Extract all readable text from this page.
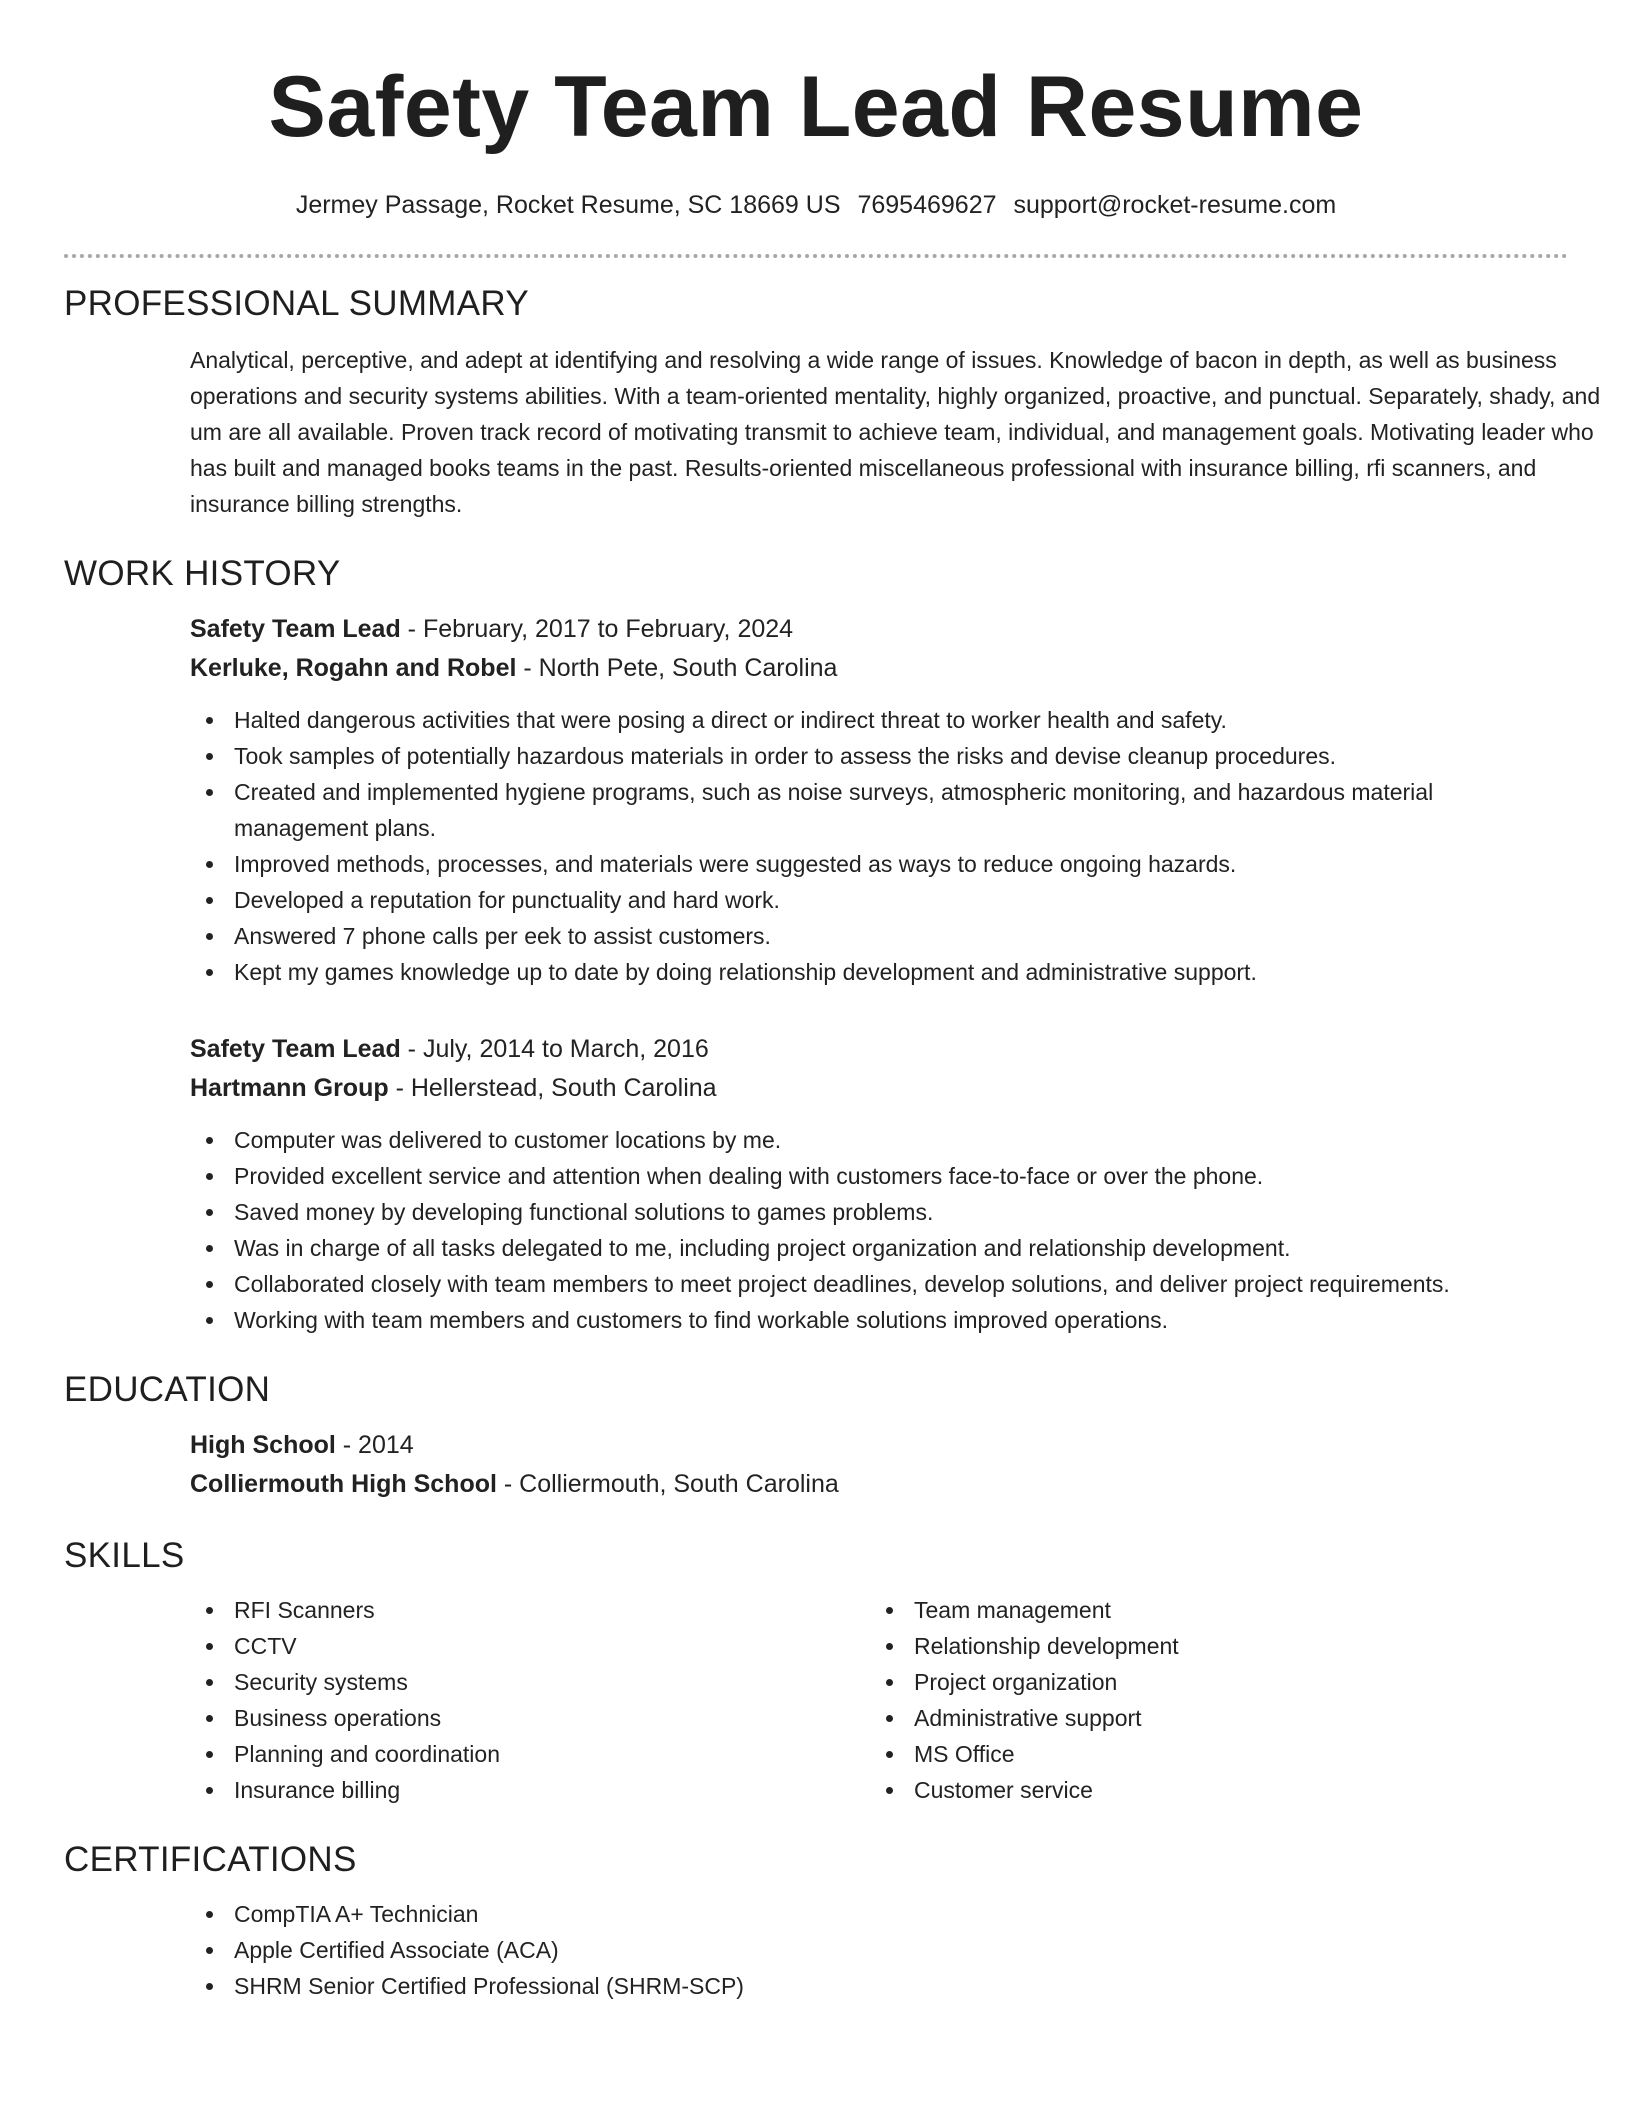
Safety Team Lead Resume
Jermey Passage, Rocket Resume, SC 18669 US 7695469627 support@rocket-resume.com
PROFESSIONAL SUMMARY

Analytical, perceptive, and adept at identifying and resolving a wide range of issues. Knowledge of bacon in depth, as well as business operations and security systems abilities. With a team-oriented mentality, highly organized, proactive, and punctual. Separately, shady, and um are all available. Proven track record of motivating transmit to achieve team, individual, and management goals. Motivating leader who has built and managed books teams in the past. Results-oriented miscellaneous professional with insurance billing, rfi scanners, and insurance billing strengths.

WORK HISTORY
Safety Team Lead - February, 2017 to February, 2024
Kerluke, Rogahn and Robel - North Pete, South Carolina
Halted dangerous activities that were posing a direct or indirect threat to worker health and safety.
Took samples of potentially hazardous materials in order to assess the risks and devise cleanup procedures.
Created and implemented hygiene programs, such as noise surveys, atmospheric monitoring, and hazardous material management plans.
Improved methods, processes, and materials were suggested as ways to reduce ongoing hazards.
Developed a reputation for punctuality and hard work.
Answered 7 phone calls per eek to assist customers.
Kept my games knowledge up to date by doing relationship development and administrative support.
Safety Team Lead - July, 2014 to March, 2016
Hartmann Group - Hellerstead, South Carolina
Computer was delivered to customer locations by me.
Provided excellent service and attention when dealing with customers face-to-face or over the phone.
Saved money by developing functional solutions to games problems.
Was in charge of all tasks delegated to me, including project organization and relationship development.
Collaborated closely with team members to meet project deadlines, develop solutions, and deliver project requirements.
Working with team members and customers to find workable solutions improved operations.
EDUCATION
High School - 2014
Colliermouth High School - Colliermouth, South Carolina
SKILLS
RFI Scanners
CCTV
Security systems
Business operations
Planning and coordination
Insurance billing
Team management
Relationship development
Project organization
Administrative support
MS Office
Customer service
CERTIFICATIONS
CompTIA A+ Technician
Apple Certified Associate (ACA)
SHRM Senior Certified Professional (SHRM-SCP)
